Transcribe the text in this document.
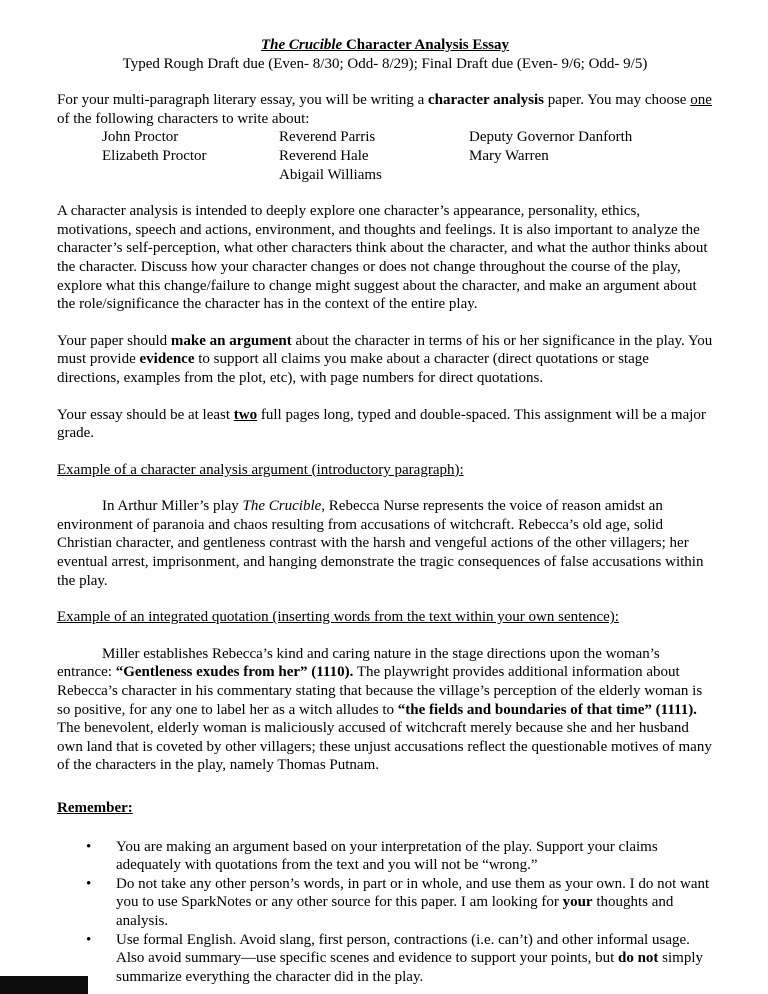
The Crucible Character Analysis Essay

Typed Rough Draft due (Even- 8/30; Odd- 8/29); Final Draft due (Even- 9/6; Odd- 9/5)

For your multi-paragraph literary essay, you will be writing a character analysis paper. You may choose one of the following characters to write about:

John Proctor
Elizabeth Proctor
Reverend Parris
Reverend Hale
Abigail Williams
Deputy Governor Danforth
Mary Warren

A character analysis is intended to deeply explore one character’s appearance, personality, ethics, motivations, speech and actions, environment, and thoughts and feelings. It is also important to analyze the character’s self-perception, what other characters think about the character, and what the author thinks about the character. Discuss how your character changes or does not change throughout the course of the play, explore what this change/failure to change might suggest about the character, and make an argument about the role/significance the character has in the context of the entire play.

Your paper should make an argument about the character in terms of his or her significance in the play. You must provide evidence to support all claims you make about a character (direct quotations or stage directions, examples from the plot, etc), with page numbers for direct quotations.

Your essay should be at least two full pages long, typed and double-spaced. This assignment will be a major grade.

Example of a character analysis argument (introductory paragraph):

In Arthur Miller’s play The Crucible, Rebecca Nurse represents the voice of reason amidst an environment of paranoia and chaos resulting from accusations of witchcraft. Rebecca’s old age, solid Christian character, and gentleness contrast with the harsh and vengeful actions of the other villagers; her eventual arrest, imprisonment, and hanging demonstrate the tragic consequences of false accusations within the play.

Example of an integrated quotation (inserting words from the text within your own sentence):

Miller establishes Rebecca’s kind and caring nature in the stage directions upon the woman’s entrance: “Gentleness exudes from her” (1110). The playwright provides additional information about Rebecca’s character in his commentary stating that because the village’s perception of the elderly woman is so positive, for any one to label her as a witch alludes to “the fields and boundaries of that time” (1111). The benevolent, elderly woman is maliciously accused of witchcraft merely because she and her husband own land that is coveted by other villagers; these unjust accusations reflect the questionable motives of many of the characters in the play, namely Thomas Putnam.

Remember:

• You are making an argument based on your interpretation of the play. Support your claims adequately with quotations from the text and you will not be “wrong.”
• Do not take any other person’s words, in part or in whole, and use them as your own. I do not want you to use SparkNotes or any other source for this paper. I am looking for your thoughts and analysis.
• Use formal English. Avoid slang, first person, contractions (i.e. can’t) and other informal usage. Also avoid summary—use specific scenes and evidence to support your points, but do not simply summarize everything the character did in the play.
